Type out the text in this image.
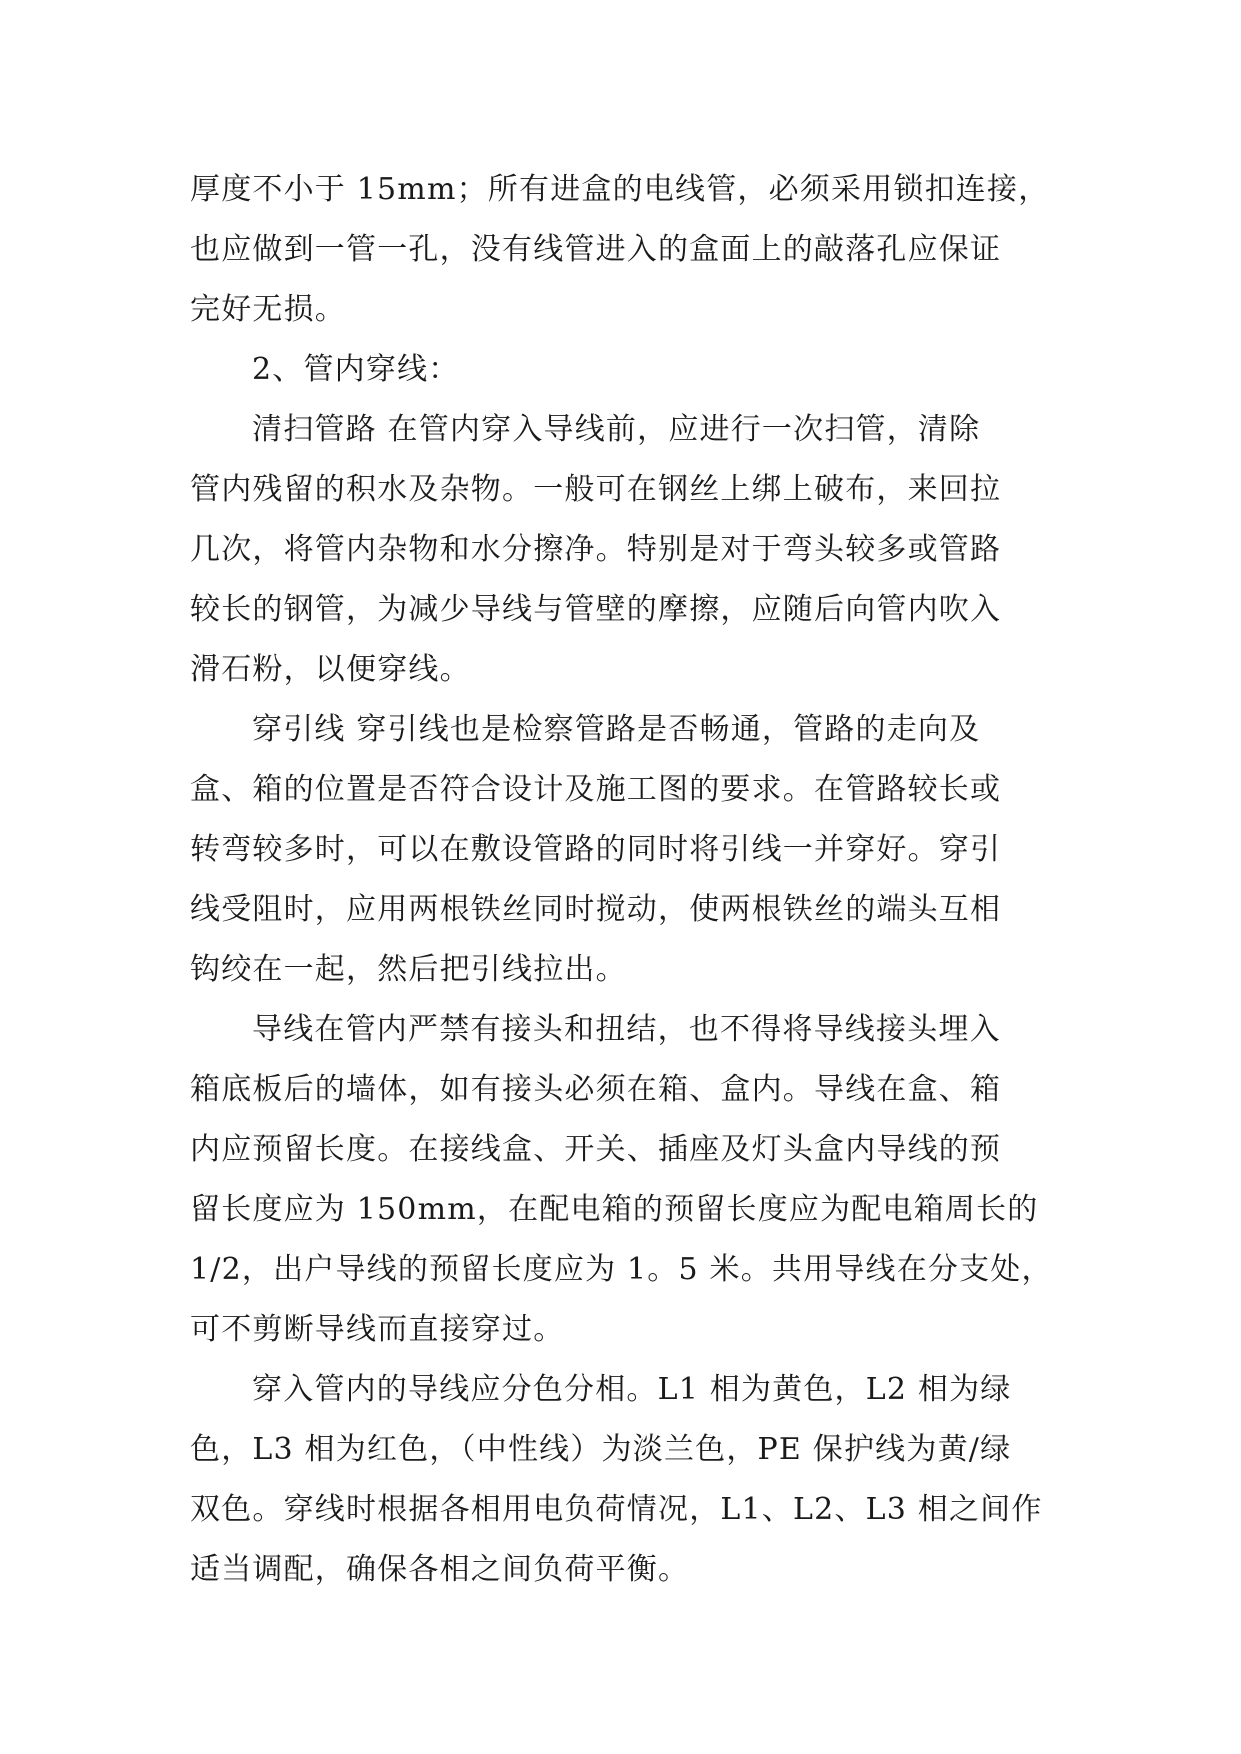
厚度不小于 15mm；所有进盒的电线管，必须采用锁扣连接，
也应做到一管一孔，没有线管进入的盒面上的敲落孔应保证
完好无损。

2、管内穿线：

清扫管路 在管内穿入导线前，应进行一次扫管，清除
管内残留的积水及杂物。一般可在钢丝上绑上破布，来回拉
几次，将管内杂物和水分擦净。特别是对于弯头较多或管路
较长的钢管，为减少导线与管壁的摩擦，应随后向管内吹入
滑石粉，以便穿线。

穿引线 穿引线也是检察管路是否畅通，管路的走向及
盒、箱的位置是否符合设计及施工图的要求。在管路较长或
转弯较多时，可以在敷设管路的同时将引线一并穿好。穿引
线受阻时，应用两根铁丝同时搅动，使两根铁丝的端头互相
钩绞在一起，然后把引线拉出。

导线在管内严禁有接头和扭结，也不得将导线接头埋入
箱底板后的墙体，如有接头必须在箱、盒内。导线在盒、箱
内应预留长度。在接线盒、开关、插座及灯头盒内导线的预
留长度应为 150mm，在配电箱的预留长度应为配电箱周长的
1/2，出户导线的预留长度应为 1。5 米。共用导线在分支处，
可不剪断导线而直接穿过。

穿入管内的导线应分色分相。L1 相为黄色，L2 相为绿
色，L3 相为红色，（中性线）为淡兰色，PE 保护线为黄/绿
双色。穿线时根据各相用电负荷情况，L1、L2、L3 相之间作
适当调配，确保各相之间负荷平衡。
